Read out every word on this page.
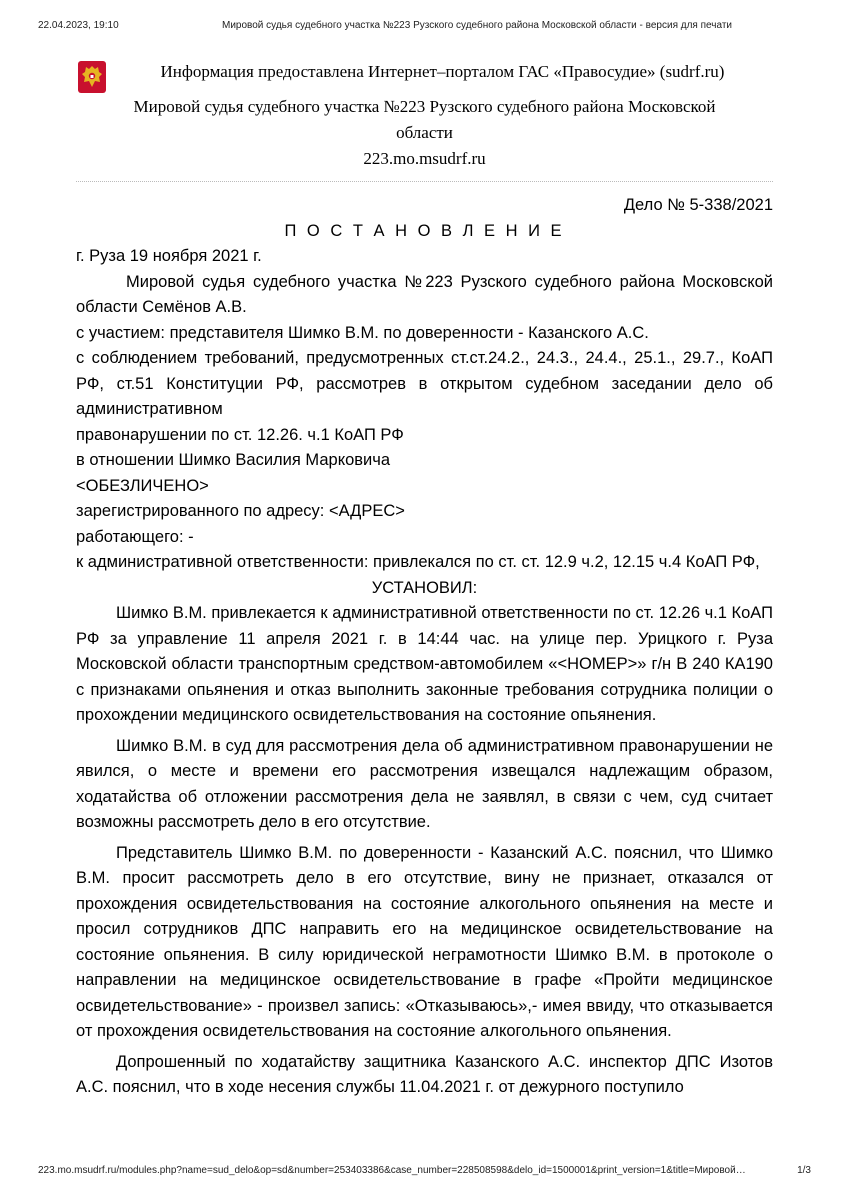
22.04.2023, 19:10	Мировой судья судебного участка №223 Рузского судебного района Московской области - версия для печати
Информация предоставлена Интернет–порталом ГАС «Правосудие» (sudrf.ru)
Мировой судья судебного участка №223 Рузского судебного района Московской области
223.mo.msudrf.ru

Дело № 5-338/2021

П О С Т А Н О В Л Е Н И Е

г. Руза 19 ноября 2021 г.

Мировой судья судебного участка №223 Рузского судебного района Московской области Семёнов А.В.

с участием: представителя Шимко В.М. по доверенности - Казанского А.С.

с соблюдением требований, предусмотренных ст.ст.24.2., 24.3., 24.4., 25.1., 29.7., КоАП РФ, ст.51 Конституции РФ, рассмотрев в открытом судебном заседании дело об административном

правонарушении по ст. 12.26. ч.1 КоАП РФ

в отношении Шимко Василия Марковича

<ОБЕЗЛИЧЕНО>

зарегистрированного по адресу: <АДРЕС>

работающего: -

к административной ответственности: привлекался по ст. ст. 12.9 ч.2, 12.15 ч.4 КоАП РФ,

УСТАНОВИЛ:

Шимко В.М. привлекается к административной ответственности по ст. 12.26 ч.1 КоАП РФ за управление 11 апреля 2021 г. в 14:44 час. на улице пер. Урицкого г. Руза Московской области транспортным средством-автомобилем «<НОМЕР>» г/н В 240 КА190 с признаками опьянения и отказ выполнить законные требования сотрудника полиции о прохождении медицинского освидетельствования на состояние опьянения.

Шимко В.М. в суд для рассмотрения дела об административном правонарушении не явился, о месте и времени его рассмотрения извещался надлежащим образом, ходатайства об отложении рассмотрения дела не заявлял, в связи с чем, суд считает возможны рассмотреть дело в его отсутствие.

Представитель Шимко В.М. по доверенности - Казанский А.С. пояснил, что Шимко В.М. просит рассмотреть дело в его отсутствие, вину не признает, отказался от прохождения освидетельствования на состояние алкогольного опьянения на месте и просил сотрудников ДПС направить его на медицинское освидетельствование на состояние опьянения. В силу юридической неграмотности Шимко В.М. в протоколе о направлении на медицинское освидетельствование в графе «Пройти медицинское освидетельствование» - произвел запись: «Отказываюсь»,- имея ввиду, что отказывается от прохождения освидетельствования на состояние алкогольного опьянения.

Допрошенный по ходатайству защитника Казанского А.С. инспектор ДПС Изотов А.С. пояснил, что в ходе несения службы 11.04.2021 г. от дежурного поступило

223.mo.msudrf.ru/modules.php?name=sud_delo&op=sd&number=253403386&case_number=228508598&delo_id=1500001&print_version=1&title=Мировой…	1/3
